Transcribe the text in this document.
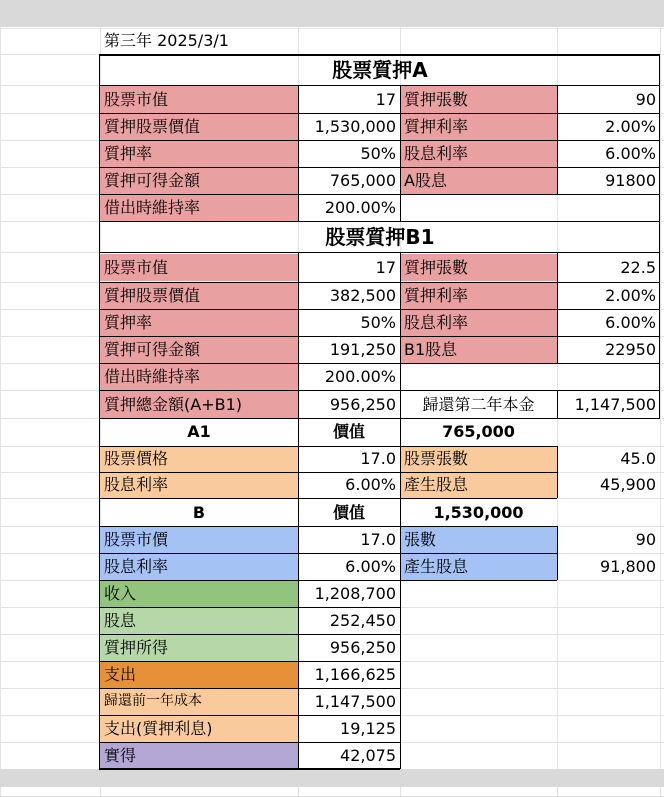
第三年 2025/3/1
股票質押A
股票市值	17 質押張數	90
質押股票價值	1,530,000 質押利率	2.00%
質押率	50% 股息利率	6.00%
質押可得金額	765,000 A股息	91800
借出時維持率	200.00%
股票質押B1
股票市值	17 質押張數	22.5
質押股票價值	382,500 質押利率	2.00%
質押率	50% 股息利率	6.00%
質押可得金額	191,250 B1股息	22950
借出時維持率	200.00%
質押總金額(A+B1)	956,250	歸還第二年本金	1,147,500
A1	價值	765,000
股票價格	17.0 股票張數	45.0
股息利率	6.00% 產生股息	45,900
B	價值	1,530,000
股票市價	17.0 張數	90
股息利率	6.00% 產生股息	91,800
收入	1,208,700
股息	252,450
質押所得	956,250
支出	1,166,625
歸還前一年成本	1,147,500
支出(質押利息)	19,125
實得	42,075
